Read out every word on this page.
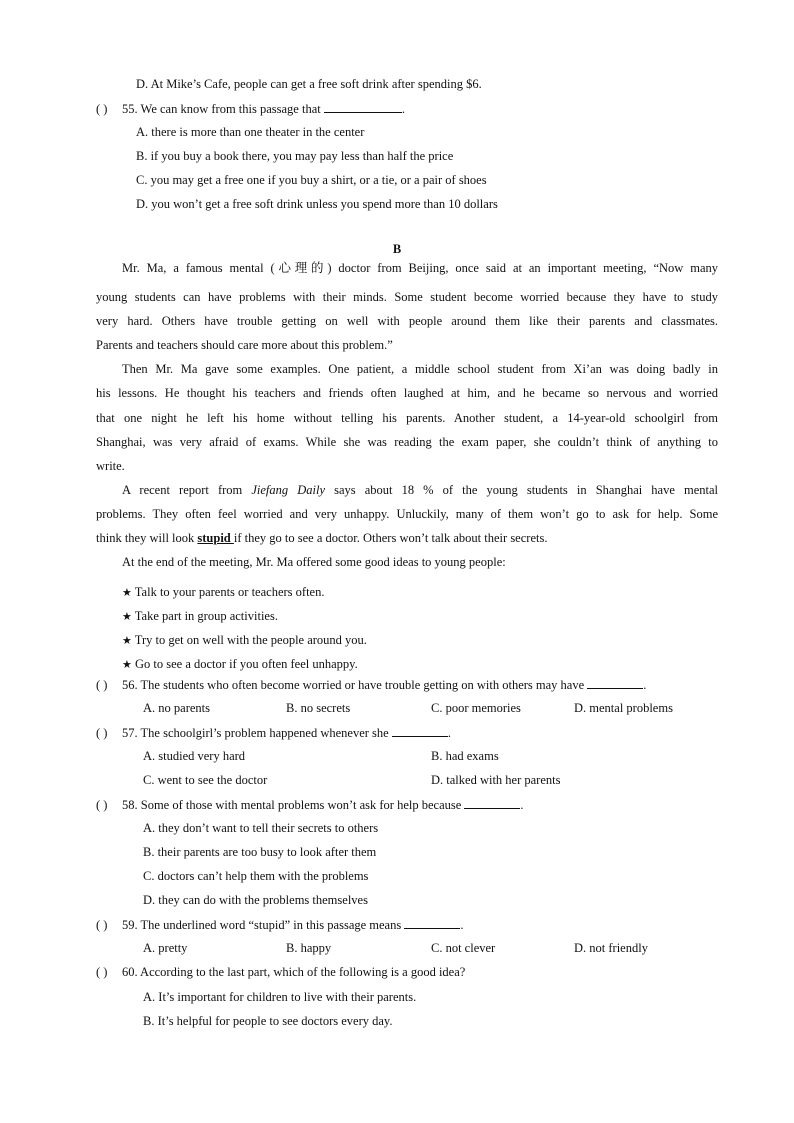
D. At Mike’s Cafe, people can get a free soft drink after spending $6.
( ) 55. We can know from this passage that	.
A. there is more than one theater in the center
B. if you buy a book there, you may pay less than half the price
C. you may get a free one if you buy a shirt, or a tie, or a pair of shoes
D. you won’t get a free soft drink unless you spend more than 10 dollars
B
Mr. Ma, a famous mental (心理的) doctor from Beijing, once said at an important meeting, “Now many
young students can have problems with their minds. Some student become worried because they have to study
very hard. Others have trouble getting on well with people around them like their parents and classmates.
Parents and teachers should care more about this problem.”
Then Mr. Ma gave some examples. One patient, a middle school student from Xi’an was doing badly in
his lessons. He thought his teachers and friends often laughed at him, and he became so nervous and worried
that one night he left his home without telling his parents. Another student, a 14-year-old schoolgirl from
Shanghai, was very afraid of exams. While she was reading the exam paper, she couldn’t think of anything to
write.
A recent report from Jiefang Daily says about 18 % of the young students in Shanghai have mental
problems. They often feel worried and very unhappy. Unluckily, many of them won’t go to ask for help. Some
think they will look stupid if they go to see a doctor. Others won’t talk about their secrets.
At the end of the meeting, Mr. Ma offered some good ideas to young people:
★ Talk to your parents or teachers often.
★ Take part in group activities.
★ Try to get on well with the people around you.
★ Go to see a doctor if you often feel unhappy.
( ) 56. The students who often become worried or have trouble getting on with others may have	.
A. no parents	B. no secrets	C. poor memories	D. mental problems
( ) 57. The schoolgirl’s problem happened whenever she	.
A. studied very hard	B. had exams
C. went to see the doctor	D. talked with her parents
( ) 58. Some of those with mental problems won’t ask for help because	.
A. they don’t want to tell their secrets to others
B. their parents are too busy to look after them
C. doctors can’t help them with the problems
D. they can do with the problems themselves
( ) 59. The underlined word “stupid” in this passage means	.
A. pretty	B. happy	C. not clever	D. not friendly
( ) 60. According to the last part, which of the following is a good idea?
A. It’s important for children to live with their parents.
B. It’s helpful for people to see doctors every day.
